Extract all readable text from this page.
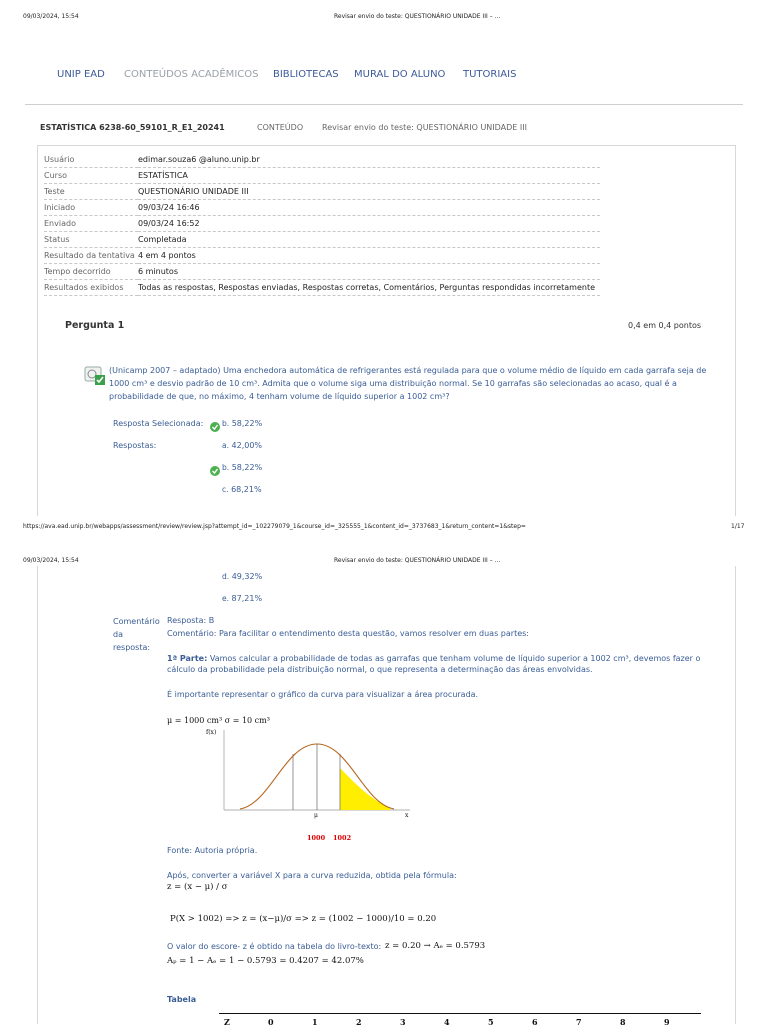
09/03/2024, 15:54	Revisar envio do teste: QUESTIONÁRIO UNIDADE III – ...
UNIP EAD CONTEÚDOS ACADÊMICOS BIBLIOTECAS MURAL DO ALUNO TUTORIAIS
ESTATÍSTICA 6238-60_59101_R_E1_20241	CONTEÚDO Revisar envio do teste: QUESTIONÁRIO UNIDADE III
Usuário	edimar.souza6 @aluno.unip.br
Curso	ESTATÍSTICA
Teste	QUESTIONÁRIO UNIDADE III
Iniciado	09/03/24 16:46
Enviado	09/03/24 16:52
Status	Completada
Resultado da tentativa	4 em 4 pontos
Tempo decorrido	6 minutos
Resultados exibidos	Todas as respostas, Respostas enviadas, Respostas corretas, Comentários, Perguntas respondidas incorretamente
Pergunta 1	0,4 em 0,4 pontos
(Unicamp 2007 – adaptado) Uma enchedora automática de refrigerantes está regulada para que o volume médio de líquido em cada garrafa seja de 1000 cm³ e desvio padrão de 10 cm³. Admita que o volume siga uma distribuição normal. Se 10 garrafas são selecionadas ao acaso, qual é a probabilidade de que, no máximo, 4 tenham volume de líquido superior a 1002 cm³?
Resposta Selecionada: b. 58,22%
Respostas:	a. 42,00%
b. 58,22%
c. 68,21%
https://ava.ead.unip.br/webapps/assessment/review/review.jsp?attempt_id=_102279079_1&course_id=_325555_1&content_id=_3737683_1&return_content=1&step=	1/17
09/03/2024, 15:54	Revisar envio do teste: QUESTIONÁRIO UNIDADE III – ...
d. 49,32%
e. 87,21%
Comentário
da
resposta:
Resposta: B
Comentário: Para facilitar o entendimento desta questão, vamos resolver em duas partes:
1ª Parte: Vamos calcular a probabilidade de todas as garrafas que tenham volume de líquido superior a 1002 cm³, devemos fazer o cálculo da probabilidade pela distribuição normal, o que representa a determinação das áreas envolvidas.
É importante representar o gráfico da curva para visualizar a área procurada.
μ = 1000 cm³ σ = 10 cm³
f(x)
μ	x
1000 1002
Fonte: Autoria própria.
Após, converter a variável X para a curva reduzida, obtida pela fórmula:
z = (x − μ) / σ
P(X > 1002) => z = (x−μ)/σ => z = (1002 − 1000)/10 = 0.20
O valor do escore- z é obtido na tabela do livro-texto: z = 0.20 → Aₑ = 0.5793
Aₚ = 1 − Aₑ = 1 − 0.5793 = 0.4207 = 42.07%
Tabela
Z	0	1	2	3	4	5	6	7	8	9
